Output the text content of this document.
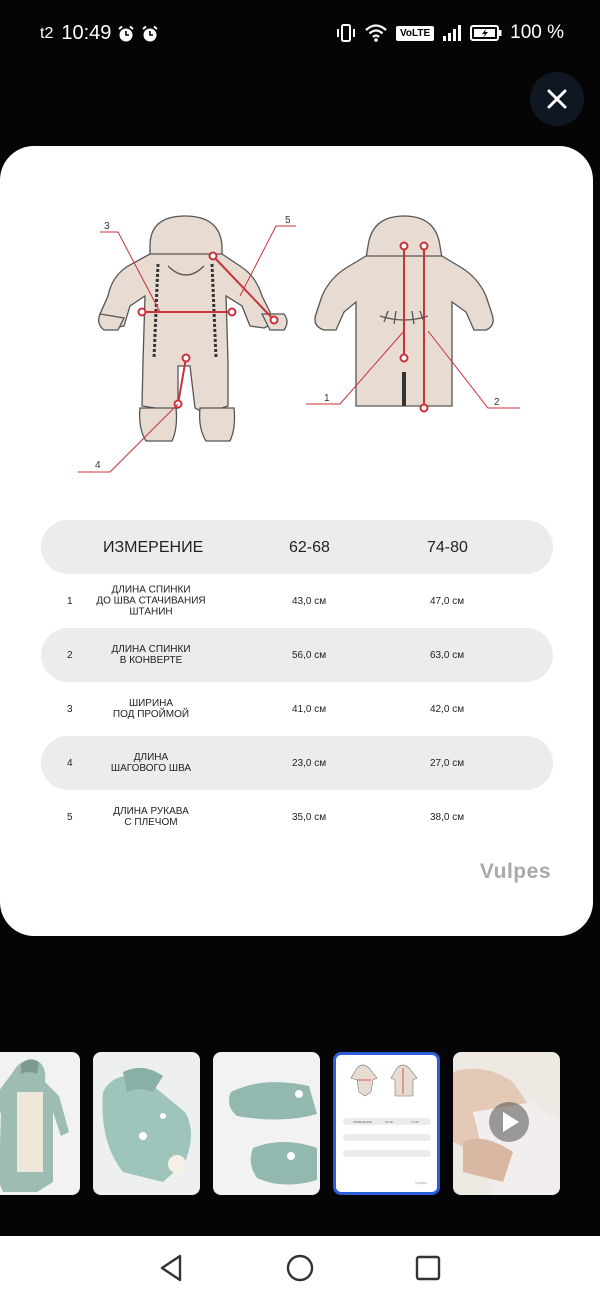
t2 10:49	VoLTE	100 %
3
5
4
1	2
ИЗМЕРЕНИЕ	62-68	74-80
1
ДЛИНА СПИНКИ
ДО ШВА СТАЧИВАНИЯ
ШТАНИН
43,0 см	47,0 см
2
ДЛИНА СПИНКИ
В КОНВЕРТЕ	56,0 см	63,0 см
3
ШИРИНА
ПОД ПРОЙМОЙ	41,0 см	42,0 см
4
ДЛИНА
ШАГОВОГО ШВА	23,0 см	27,0 см
5
ДЛИНА РУКАВА
С ПЛЕЧОМ	35,0 см	38,0 см
Vulpes
ИЗМЕРЕНИЕ	62-68	74-80
Vulpes
